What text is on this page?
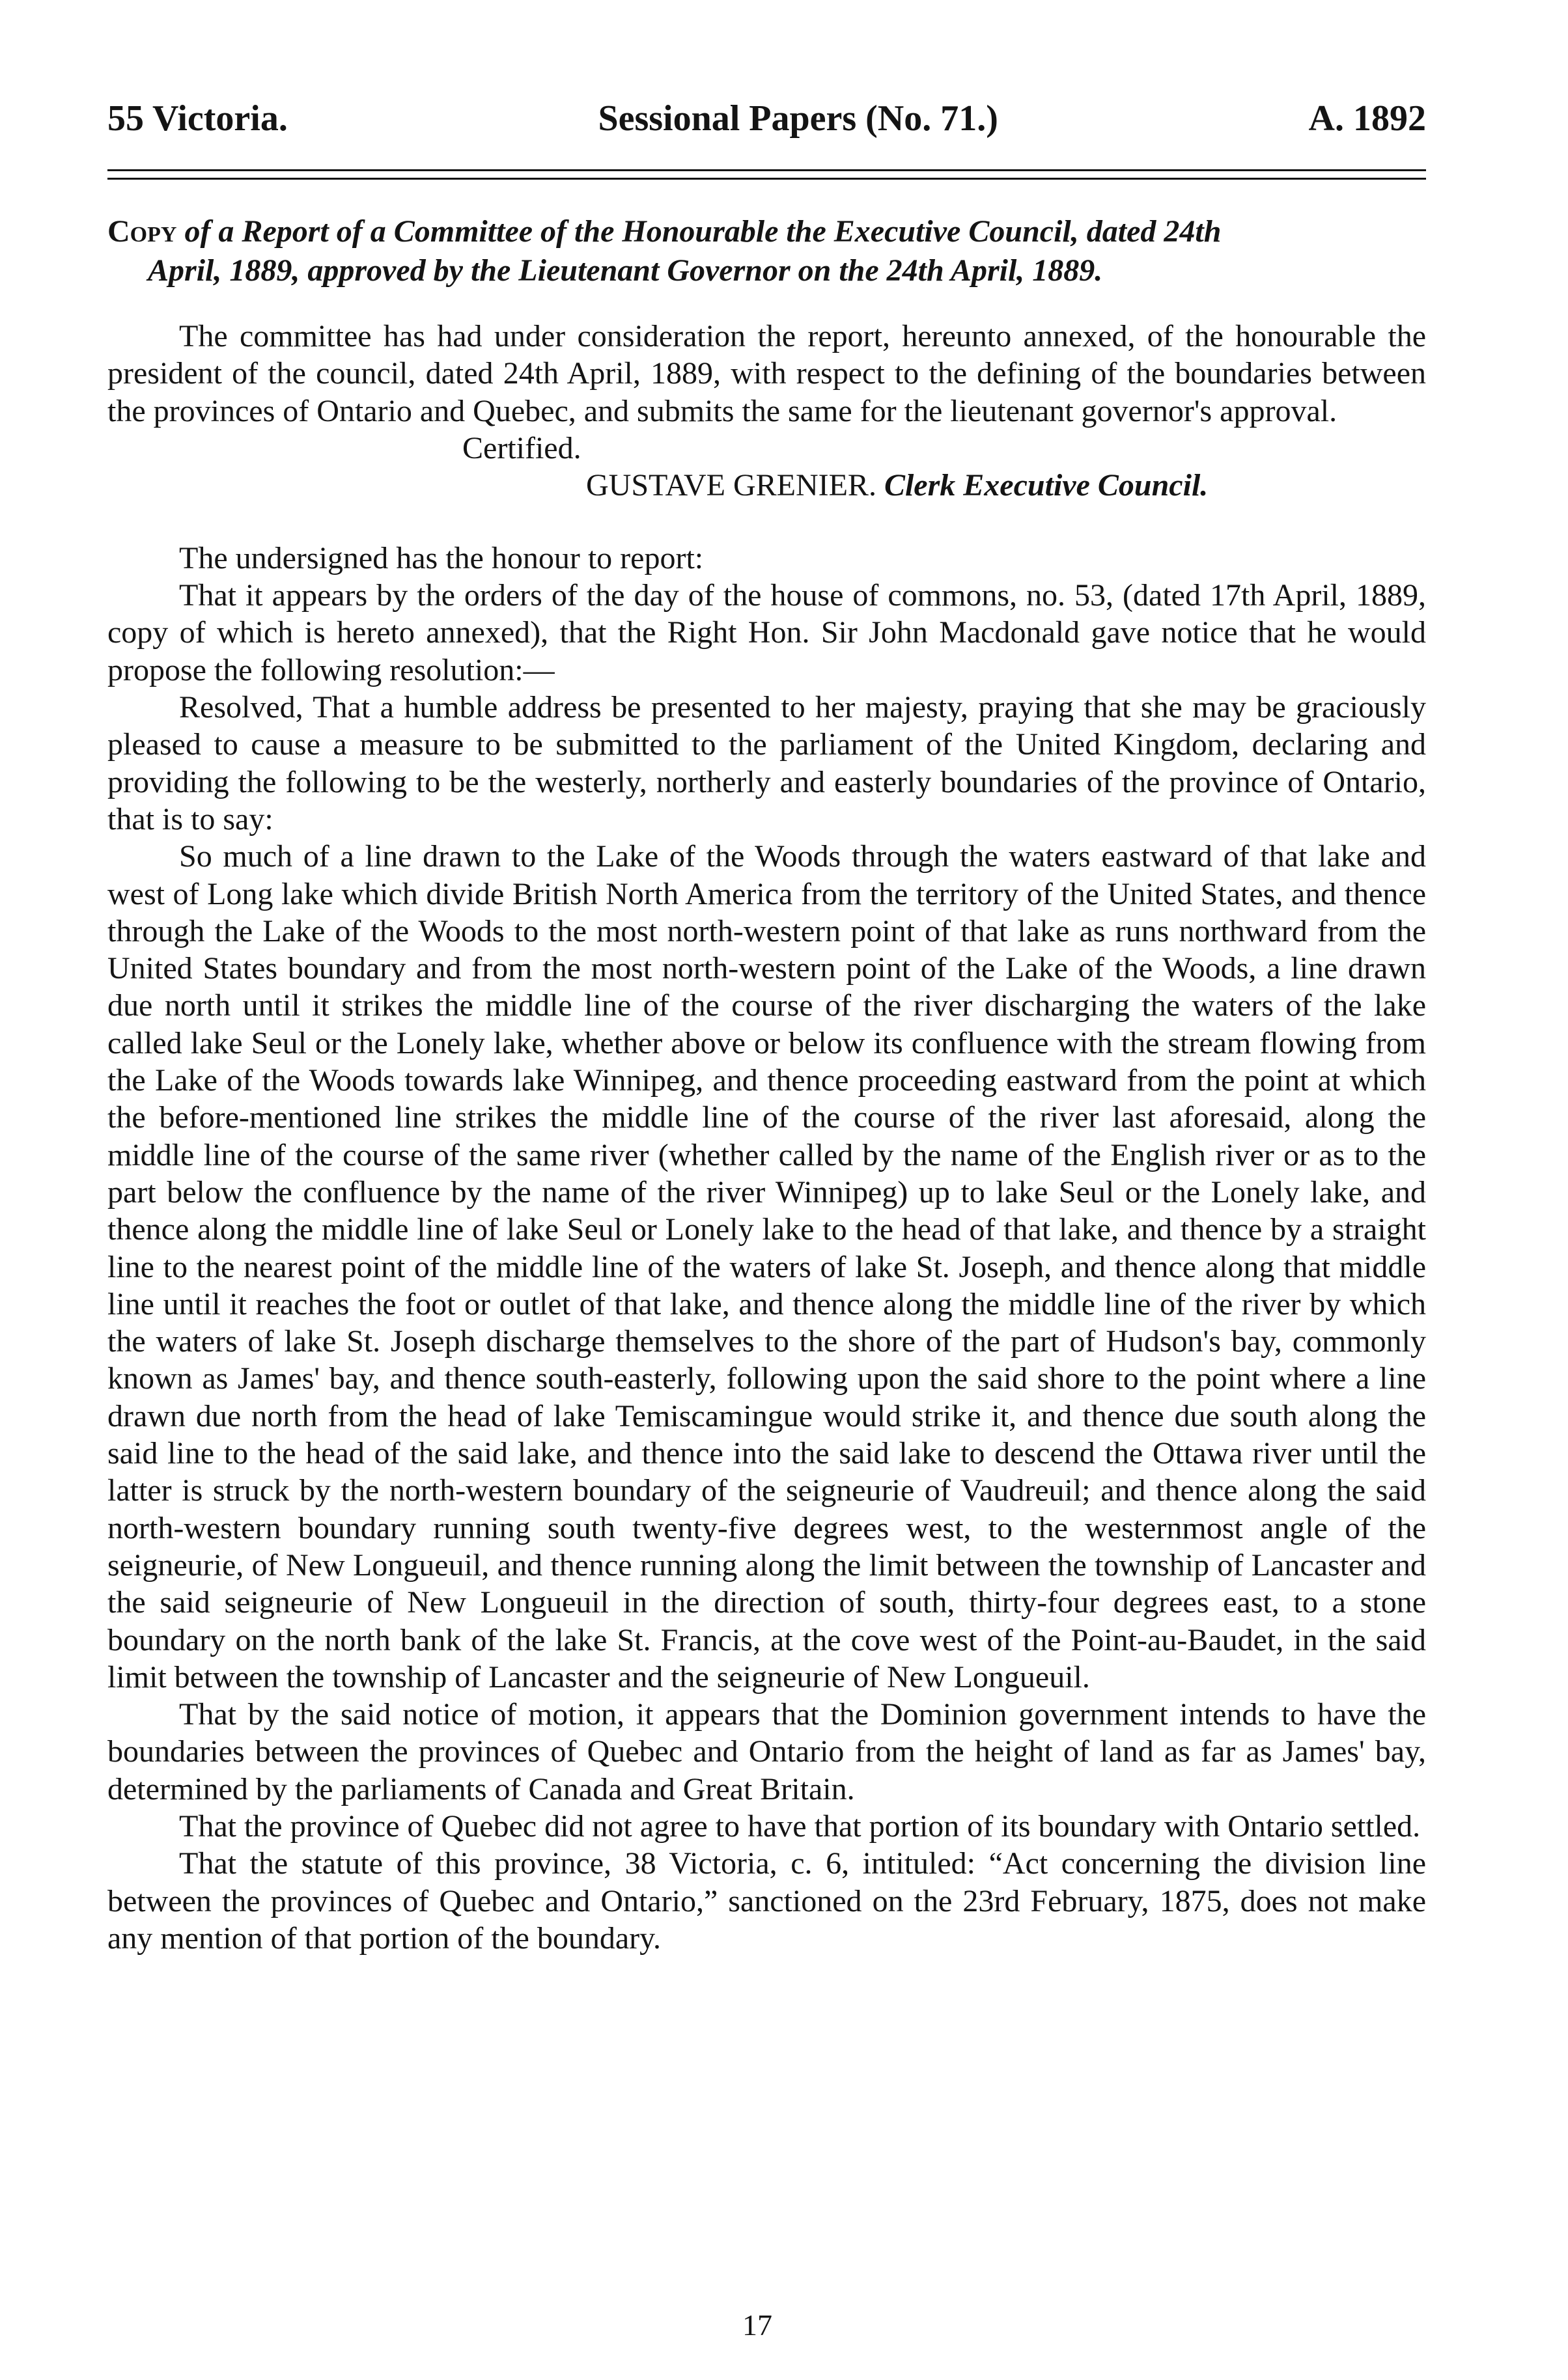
55 Victoria.	Sessional Papers (No. 71.)	A. 1892
Copy of a Report of a Committee of the Honourable the Executive Council, dated 24th
April, 1889, approved by the Lieutenant Governor on the 24th April, 1889.

The committee has had under consideration the report, hereunto annexed, of the honourable the president of the council, dated 24th April, 1889, with respect to the defining of the boundaries between the provinces of Ontario and Quebec, and submits the same for the lieutenant governor's approval.

Certified.
GUSTAVE GRENIER. Clerk Executive Council.

The undersigned has the honour to report:

That it appears by the orders of the day of the house of commons, no. 53, (dated 17th April, 1889, copy of which is hereto annexed), that the Right Hon. Sir John Macdonald gave notice that he would propose the following resolution:—

Resolved, That a humble address be presented to her majesty, praying that she may be graciously pleased to cause a measure to be submitted to the parliament of the United Kingdom, declaring and providing the following to be the westerly, northerly and easterly boundaries of the province of Ontario, that is to say:

So much of a line drawn to the Lake of the Woods through the waters eastward of that lake and west of Long lake which divide British North America from the territory of the United States, and thence through the Lake of the Woods to the most north-western point of that lake as runs northward from the United States boundary and from the most north-western point of the Lake of the Woods, a line drawn due north until it strikes the middle line of the course of the river discharging the waters of the lake called lake Seul or the Lonely lake, whether above or below its confluence with the stream flowing from the Lake of the Woods towards lake Winnipeg, and thence proceeding eastward from the point at which the before-mentioned line strikes the middle line of the course of the river last aforesaid, along the middle line of the course of the same river (whether called by the name of the English river or as to the part below the confluence by the name of the river Winnipeg) up to lake Seul or the Lonely lake, and thence along the middle line of lake Seul or Lonely lake to the head of that lake, and thence by a straight line to the nearest point of the middle line of the waters of lake St. Joseph, and thence along that middle line until it reaches the foot or outlet of that lake, and thence along the middle line of the river by which the waters of lake St. Joseph discharge themselves to the shore of the part of Hudson's bay, commonly known as James' bay, and thence south-easterly, following upon the said shore to the point where a line drawn due north from the head of lake Temiscamingue would strike it, and thence due south along the said line to the head of the said lake, and thence into the said lake to descend the Ottawa river until the latter is struck by the north-western boundary of the seigneurie of Vaudreuil; and thence along the said north-western boundary running south twenty-five degrees west, to the westernmost angle of the seigneurie, of New Longueuil, and thence running along the limit between the township of Lancaster and the said seigneurie of New Longueuil in the direction of south, thirty-four degrees east, to a stone boundary on the north bank of the lake St. Francis, at the cove west of the Point-au-Baudet, in the said limit between the township of Lancaster and the seigneurie of New Longueuil.

That by the said notice of motion, it appears that the Dominion government intends to have the boundaries between the provinces of Quebec and Ontario from the height of land as far as James' bay, determined by the parliaments of Canada and Great Britain.

That the province of Quebec did not agree to have that portion of its boundary with Ontario settled.

That the statute of this province, 38 Victoria, c. 6, intituled: “Act concerning the division line between the provinces of Quebec and Ontario,” sanctioned on the 23rd February, 1875, does not make any mention of that portion of the boundary.

17
